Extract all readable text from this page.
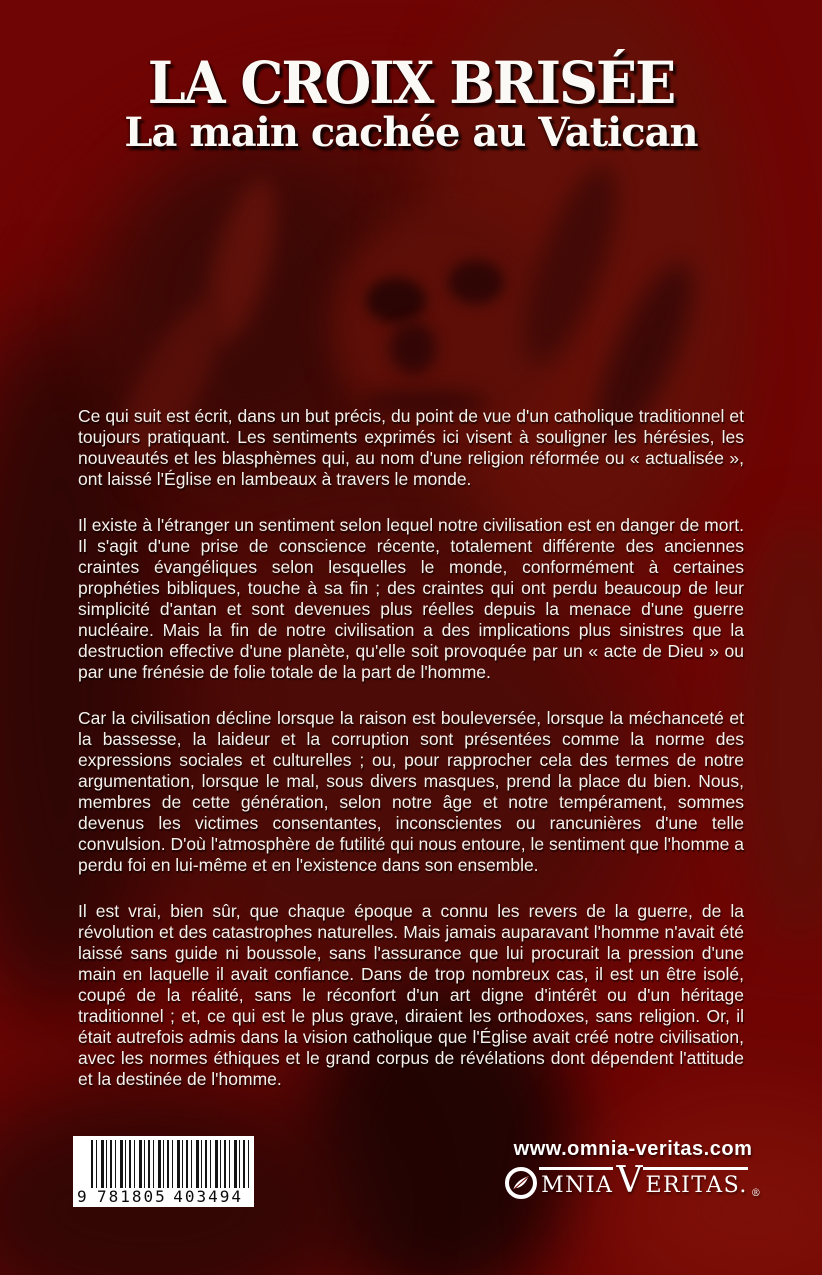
LA CROIX BRISÉE
La main cachée au Vatican

Ce qui suit est écrit, dans un but précis, du point de vue d'un catholique traditionnel et toujours pratiquant. Les sentiments exprimés ici visent à souligner les hérésies, les nouveautés et les blasphèmes qui, au nom d'une religion réformée ou « actualisée », ont laissé l'Église en lambeaux à travers le monde.

Il existe à l'étranger un sentiment selon lequel notre civilisation est en danger de mort. Il s'agit d'une prise de conscience récente, totalement différente des anciennes craintes évangéliques selon lesquelles le monde, conformément à certaines prophéties bibliques, touche à sa fin ; des craintes qui ont perdu beaucoup de leur simplicité d'antan et sont devenues plus réelles depuis la menace d'une guerre nucléaire. Mais la fin de notre civilisation a des implications plus sinistres que la destruction effective d'une planète, qu'elle soit provoquée par un « acte de Dieu » ou par une frénésie de folie totale de la part de l'homme.

Car la civilisation décline lorsque la raison est bouleversée, lorsque la méchanceté et la bassesse, la laideur et la corruption sont présentées comme la norme des expressions sociales et culturelles ; ou, pour rapprocher cela des termes de notre argumentation, lorsque le mal, sous divers masques, prend la place du bien. Nous, membres de cette génération, selon notre âge et notre tempérament, sommes devenus les victimes consentantes, inconscientes ou rancunières d'une telle convulsion. D'où l'atmosphère de futilité qui nous entoure, le sentiment que l'homme a perdu foi en lui-même et en l'existence dans son ensemble.

Il est vrai, bien sûr, que chaque époque a connu les revers de la guerre, de la révolution et des catastrophes naturelles. Mais jamais auparavant l'homme n'avait été laissé sans guide ni boussole, sans l'assurance que lui procurait la pression d'une main en laquelle il avait confiance. Dans de trop nombreux cas, il est un être isolé, coupé de la réalité, sans le réconfort d'un art digne d'intérêt ou d'un héritage traditionnel ; et, ce qui est le plus grave, diraient les orthodoxes, sans religion. Or, il était autrefois admis dans la vision catholique que l'Église avait créé notre civilisation, avec les normes éthiques et le grand corpus de révélations dont dépendent l'attitude et la destinée de l'homme.

9 781805 403494
www.omnia-veritas.com
MNIA V ERITAS. ®
